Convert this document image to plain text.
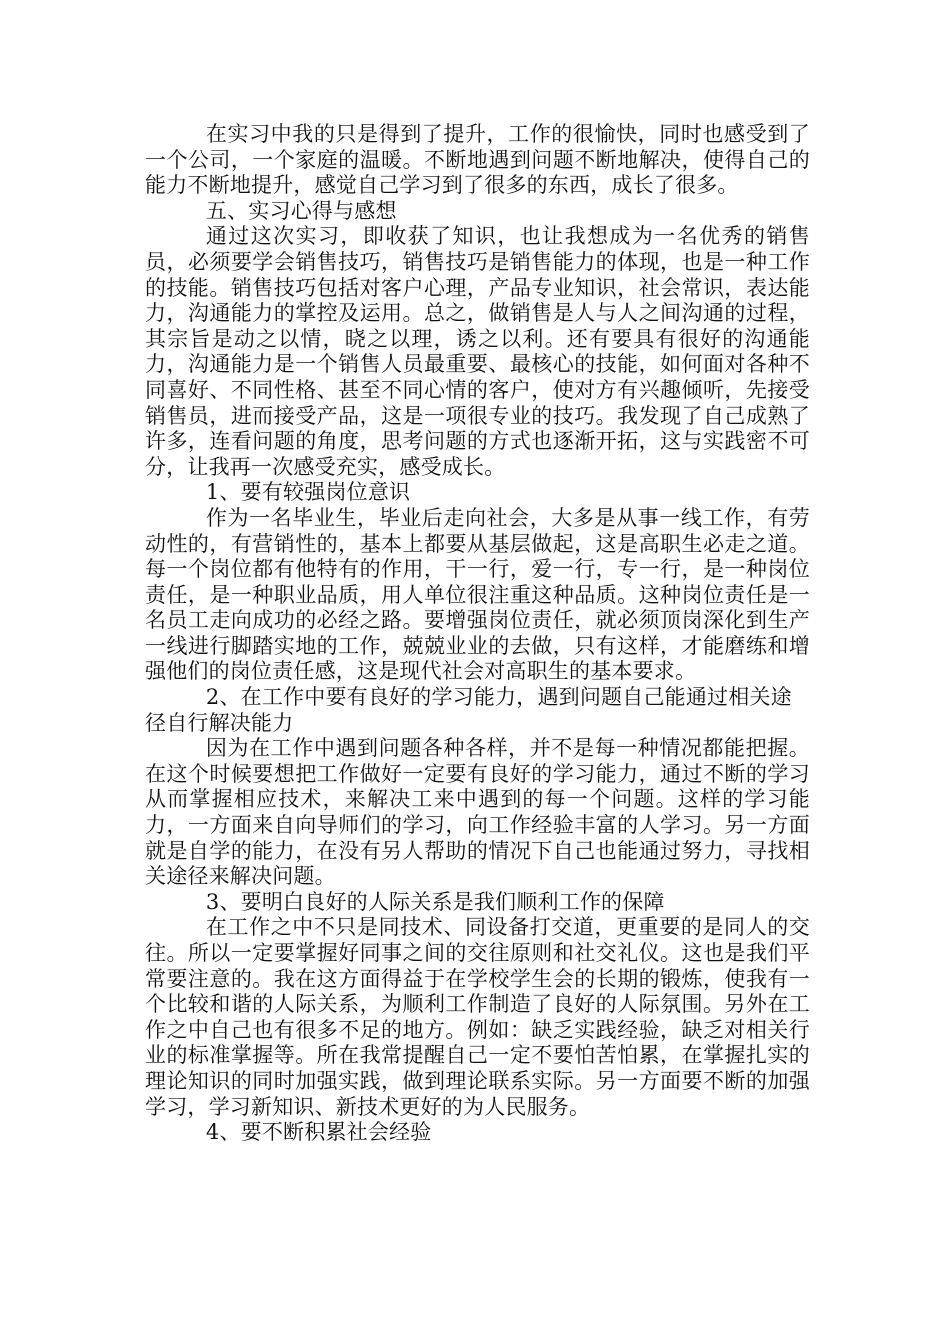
在实习中我的只是得到了提升，工作的很愉快，同时也感受到了一个公司，一个家庭的温暖。不断地遇到问题不断地解决，使得自己的能力不断地提升，感觉自己学习到了很多的东西，成长了很多。

五、实习心得与感想

通过这次实习，即收获了知识，也让我想成为一名优秀的销售员，必须要学会销售技巧，销售技巧是销售能力的体现，也是一种工作的技能。销售技巧包括对客户心理，产品专业知识，社会常识，表达能力，沟通能力的掌控及运用。总之，做销售是人与人之间沟通的过程，其宗旨是动之以情，晓之以理，诱之以利。还有要具有很好的沟通能力，沟通能力是一个销售人员最重要、最核心的技能，如何面对各种不同喜好、不同性格、甚至不同心情的客户，使对方有兴趣倾听，先接受销售员，进而接受产品，这是一项很专业的技巧。我发现了自己成熟了许多，连看问题的角度，思考问题的方式也逐渐开拓，这与实践密不可分，让我再一次感受充实，感受成长。

1、要有较强岗位意识

作为一名毕业生，毕业后走向社会，大多是从事一线工作，有劳动性的，有营销性的，基本上都要从基层做起，这是高职生必走之道。每一个岗位都有他特有的作用，干一行，爱一行，专一行，是一种岗位责任，是一种职业品质，用人单位很注重这种品质。这种岗位责任是一名员工走向成功的必经之路。要增强岗位责任，就必须顶岗深化到生产一线进行脚踏实地的工作，兢兢业业的去做，只有这样，才能磨练和增强他们的岗位责任感，这是现代社会对高职生的基本要求。

2、在工作中要有良好的学习能力，遇到问题自己能通过相关途径自行解决能力

因为在工作中遇到问题各种各样，并不是每一种情况都能把握。在这个时候要想把工作做好一定要有良好的学习能力，通过不断的学习从而掌握相应技术，来解决工来中遇到的每一个问题。这样的学习能力，一方面来自向导师们的学习，向工作经验丰富的人学习。另一方面就是自学的能力，在没有另人帮助的情况下自己也能通过努力，寻找相关途径来解决问题。

3、要明白良好的人际关系是我们顺利工作的保障

在工作之中不只是同技术、同设备打交道，更重要的是同人的交往。所以一定要掌握好同事之间的交往原则和社交礼仪。这也是我们平常要注意的。我在这方面得益于在学校学生会的长期的锻炼，使我有一个比较和谐的人际关系，为顺利工作制造了良好的人际氛围。另外在工作之中自己也有很多不足的地方。例如：缺乏实践经验，缺乏对相关行业的标准掌握等。所在我常提醒自己一定不要怕苦怕累，在掌握扎实的理论知识的同时加强实践，做到理论联系实际。另一方面要不断的加强学习，学习新知识、新技术更好的为人民服务。

4、要不断积累社会经验
